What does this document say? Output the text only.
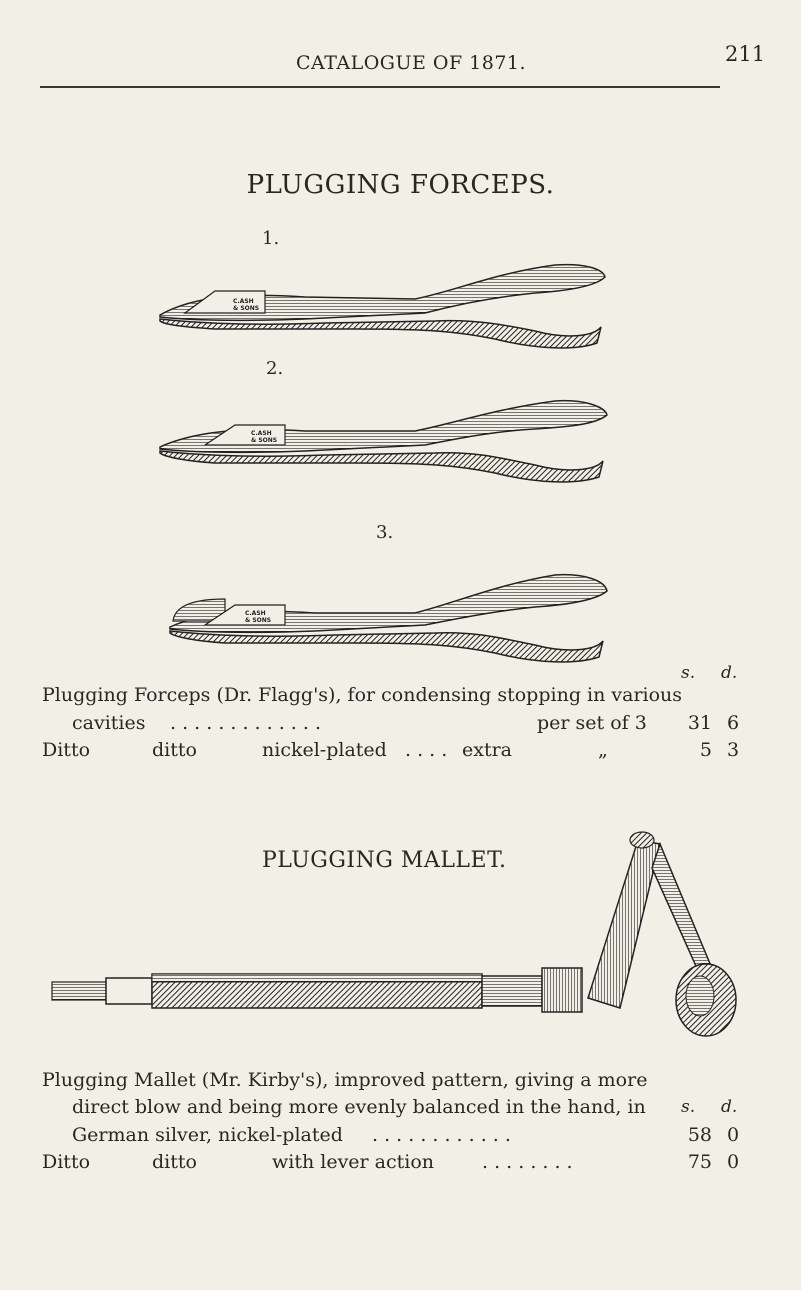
CATALOGUE OF 1871.	211
PLUGGING FORCEPS.
1.
2.
3.
C.ASH
& SONS
C.ASH
& SONS
C.ASH
& SONS
s. d.
Plugging Forceps (Dr. Flagg's), for condensing stopping in various
cavities . . . . . . . . . . . . .	per set of 3	31 6
Ditto	ditto	nickel-plated . . . . extra	„	5 3
PLUGGING MALLET.
Plugging Mallet (Mr. Kirby's), improved pattern, giving a more
direct blow and being more evenly balanced in the hand, in s. d.
German silver, nickel-plated . . . . . . . . . . . .	58 0
Ditto	ditto	with lever action	. . . . . . . .	75 0
